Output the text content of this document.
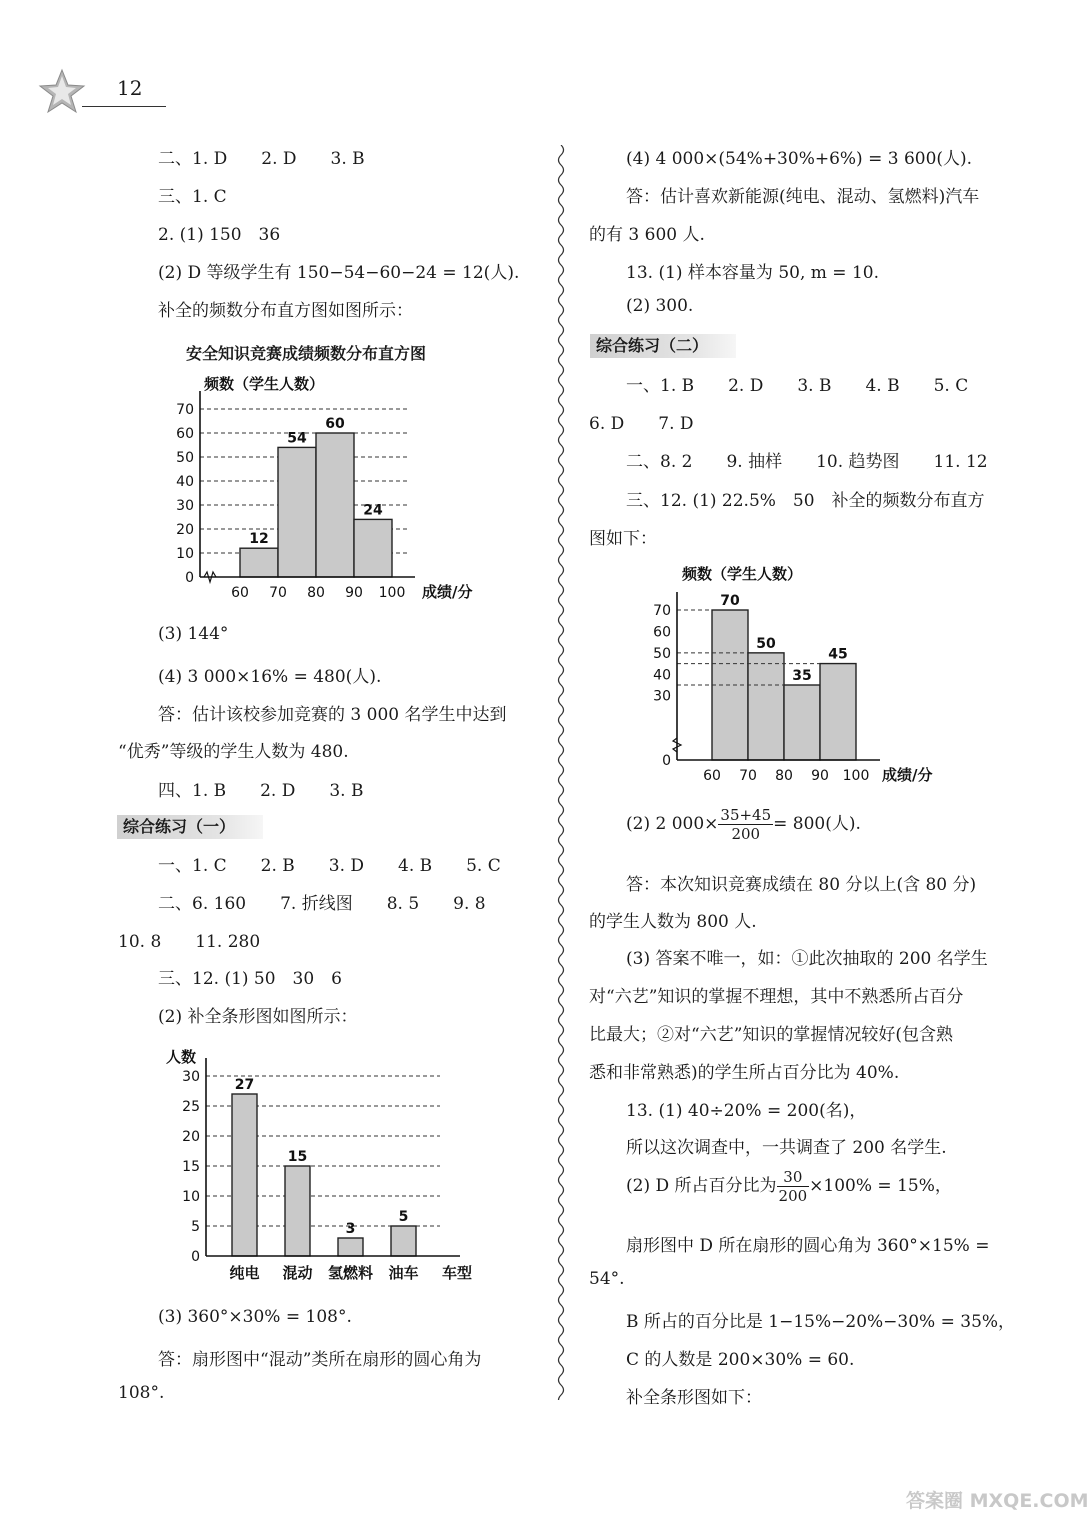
12
二、1. D　　2. D　　3. B
三、1. C
2. (1) 150　36
(2) D 等级学生有 150−54−60−24 = 12(人).
补全的频数分布直方图如图所示：
安全知识竞赛成绩频数分布直方图
频数（学生人数）
0
10
20
30
40
50
60
70
12
54
60
24
60 70 80 90 100 成绩/分
(3) 144°
(4) 3 000×16% = 480(人).
答：估计该校参加竞赛的 3 000 名学生中达到
“优秀”等级的学生人数为 480.
四、1. B　　2. D　　3. B
综合练习（一）
一、1. C　　2. B　　3. D　　4. B　　5. C
二、6. 160　　7. 折线图　　8. 5　　9. 8
10. 8　　11. 280
三、12. (1) 50　30　6
(2) 补全条形图如图所示：
人数
0
5
10
15
20
25
30 27
15
3
5
纯电 混动 氢燃料 油车 车型
(3) 360°×30% = 108°.
答：扇形图中“混动”类所在扇形的圆心角为
108°.
(4) 4 000×(54%+30%+6%) = 3 600(人).
答：估计喜欢新能源(纯电、混动、氢燃料)汽车
的有 3 600 人.
13. (1) 样本容量为 50, m = 10.
(2) 300.
综合练习（二）
一、1. B　　2. D　　3. B　　4. B　　5. C
6. D　　7. D
二、8. 2　　9. 抽样　　10. 趋势图　　11. 12
三、12. (1) 22.5%　50　补全的频数分布直方
图如下：
频数（学生人数）
0
30
40
50
60
70
70
50
35
45
60 70 80 90 100 成绩/分
(2) 2 $000\times \frac{35+45}{200} = 800$(人).
答：本次知识竞赛成绩在 80 分以上(含 80 分)
的学生人数为 800 人.
(3) 答案不唯一，如：①此次抽取的 200 名学生
对“六艺”知识的掌握不理想，其中不熟悉所占百分
比最大；②对“六艺”知识的掌握情况较好(包含熟
悉和非常熟悉)的学生所占百分比为 40%.
13. (1) 40÷20% = 200(名)，
所以这次调查中，一共调查了 200 名学生.
(2) D 所占百分比为 $\frac{30}{200} \times 100\% = 15\%$，
扇形图中 D 所在扇形的圆心角为 360°×15% =
54°.
B 所占的百分比是 1−15%−20%−30% = 35%，
C 的人数是 200×30% = 60.
补全条形图如下：
答案圈 MXQE.COM
